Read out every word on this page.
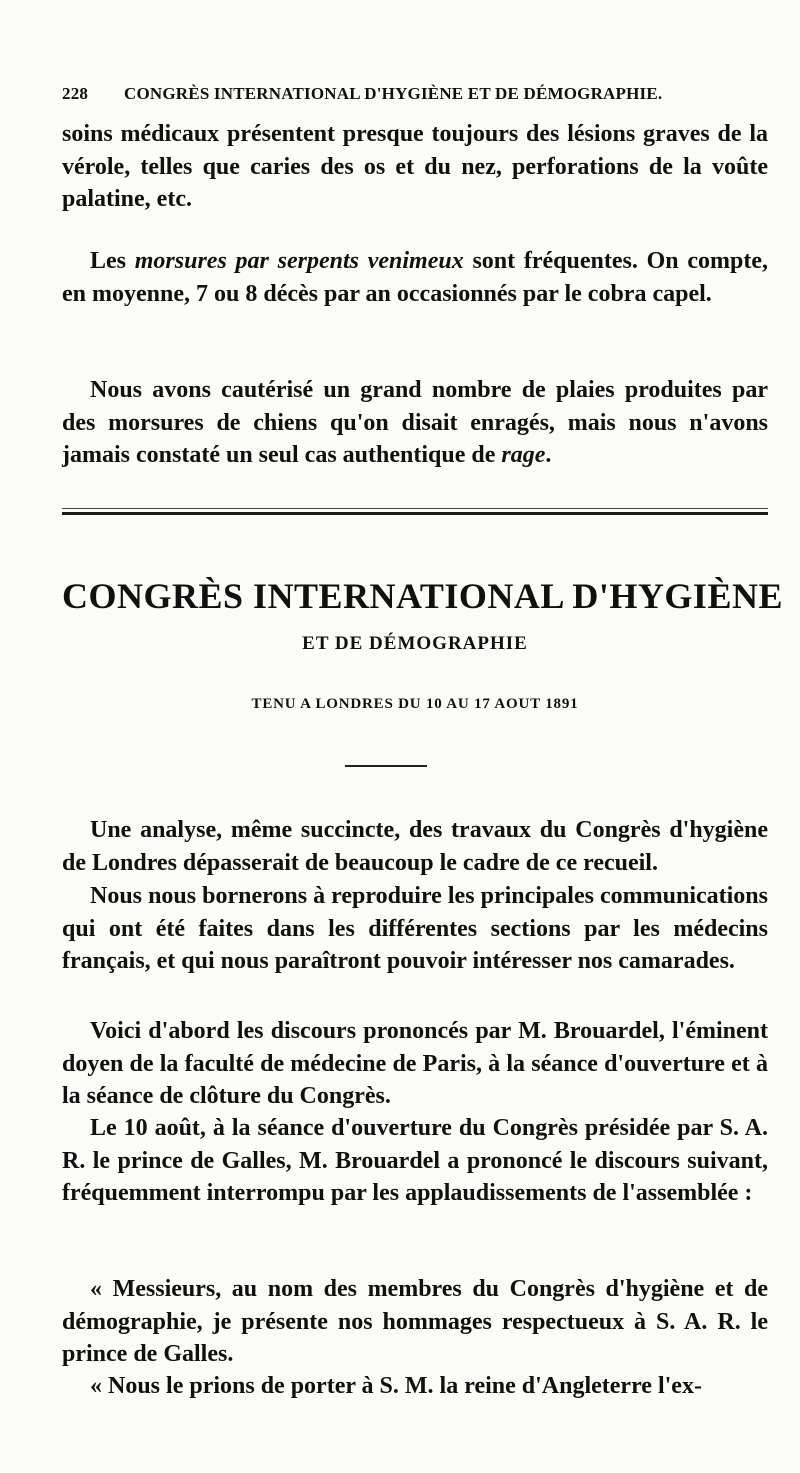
228 CONGRÈS INTERNATIONAL D'HYGIÈNE ET DE DÉMOGRAPHIE.

soins médicaux présentent presque toujours des lésions graves de la vérole, telles que caries des os et du nez, perforations de la voûte palatine, etc.

Les morsures par serpents venimeux sont fréquentes. On compte, en moyenne, 7 ou 8 décès par an occasionnés par le cobra capel.

Nous avons cautérisé un grand nombre de plaies produites par des morsures de chiens qu'on disait enragés, mais nous n'avons jamais constaté un seul cas authentique de rage.

CONGRÈS INTERNATIONAL D'HYGIÈNE
ET DE DÉMOGRAPHIE
TENU A LONDRES DU 10 AU 17 AOUT 1891

Une analyse, même succincte, des travaux du Congrès d'hygiène de Londres dépasserait de beaucoup le cadre de ce recueil.

Nous nous bornerons à reproduire les principales communications qui ont été faites dans les différentes sections par les médecins français, et qui nous paraîtront pouvoir intéresser nos camarades.

Voici d'abord les discours prononcés par M. Brouardel, l'éminent doyen de la faculté de médecine de Paris, à la séance d'ouverture et à la séance de clôture du Congrès.

Le 10 août, à la séance d'ouverture du Congrès présidée par S. A. R. le prince de Galles, M. Brouardel a prononcé le discours suivant, fréquemment interrompu par les applaudissements de l'assemblée :

« Messieurs, au nom des membres du Congrès d'hygiène et de démographie, je présente nos hommages respectueux à S. A. R. le prince de Galles.

« Nous le prions de porter à S. M. la reine d'Angleterre l'ex-
